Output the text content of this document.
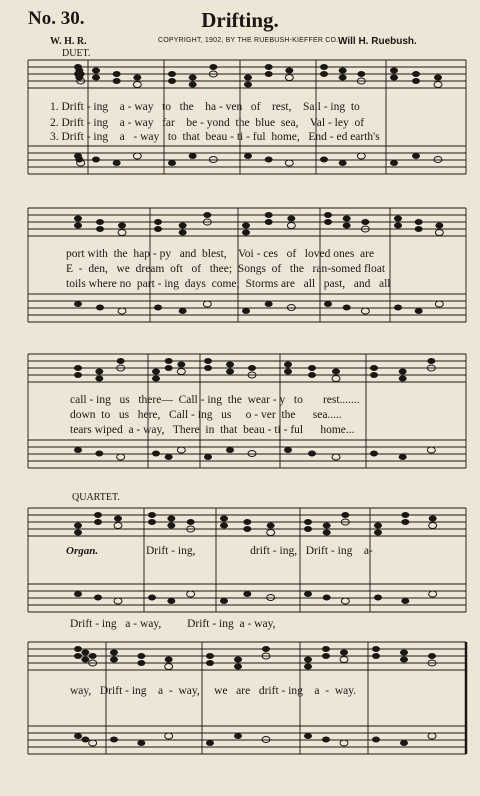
No. 30.	Drifting.
W. H. R.	COPYRIGHT, 1902, BY THE RUEBUSH-KIEFFER CO. Will H. Ruebush.
DUET.
QUARTET.
1. Drift - ing    a - way   to   the    ha - ven   of    rest,    Sail - ing  to
2. Drift - ing    a - way   far    be - yond  the  blue  sea,    Val - ley  of
3. Drift - ing    a   - way   to  that  beau - ti - ful  home,   End - ed earth's
port with  the  hap - py   and  blest,    Voi - ces   of   loved ones  are
E  -  den,   we  dream  oft   of   thee;  Songs  of   the   ran-somed float
toils where no  part - ing  days  come;  Storms are   all   past,   and   all
call - ing   us   there—  Call - ing  the  wear - y   to       rest.......
down  to   us   here,   Call - ing   us     o - ver  the      sea.....
tears wiped  a - way,   There  in  that  beau - ti - ful      home...
Organ.	Drift - ing,                   drift - ing,   Drift - ing    a-
Drift - ing   a - way,         Drift - ing  a - way,
way,   Drift - ing    a  -  way,     we   are   drift - ing    a  -  way.
